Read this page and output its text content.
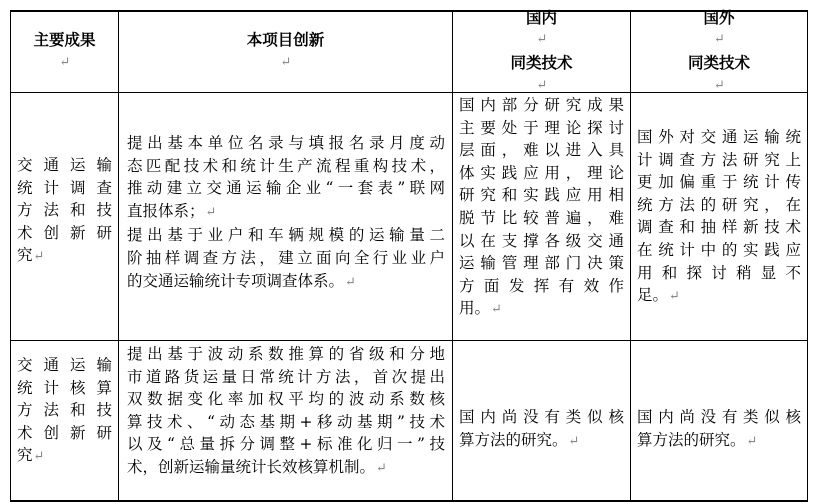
主要成果
↵
本项目创新
↵
国内
↵
同类技术
↵
国外
↵
同类技术
↵
交通运输
统计调查
方法和技
术创新研
究↵
提出基本单位名录与填报名录月度动
态匹配技术和统计生产流程重构技术，
推动建立交通运输企业“一套表”联网
直报体系；↵
提出基于业户和车辆规模的运输量二
阶抽样调查方法，建立面向全行业业户
的交通运输统计专项调查体系。↵
国内部分研究成果
主要处于理论探讨
层面，难以进入具
体实践应用，理论
研究和实践应用相
脱节比较普遍，难
以在支撑各级交通
运输管理部门决策
方面发挥有效作
用。↵
国外对交通运输统
计调查方法研究上
更加偏重于统计传
统方法的研究，在
调查和抽样新技术
在统计中的实践应
用和探讨稍显不
足。↵
交通运输
统计核算
方法和技
术创新研
究↵
提出基于波动系数推算的省级和分地
市道路货运量日常统计方法，首次提出
双数据变化率加权平均的波动系数核
算技术、“动态基期+移动基期”技术
以及“总量拆分调整+标准化归一”技
术，创新运输量统计长效核算机制。↵
国内尚没有类似核
算方法的研究。↵
国内尚没有类似核
算方法的研究。↵
